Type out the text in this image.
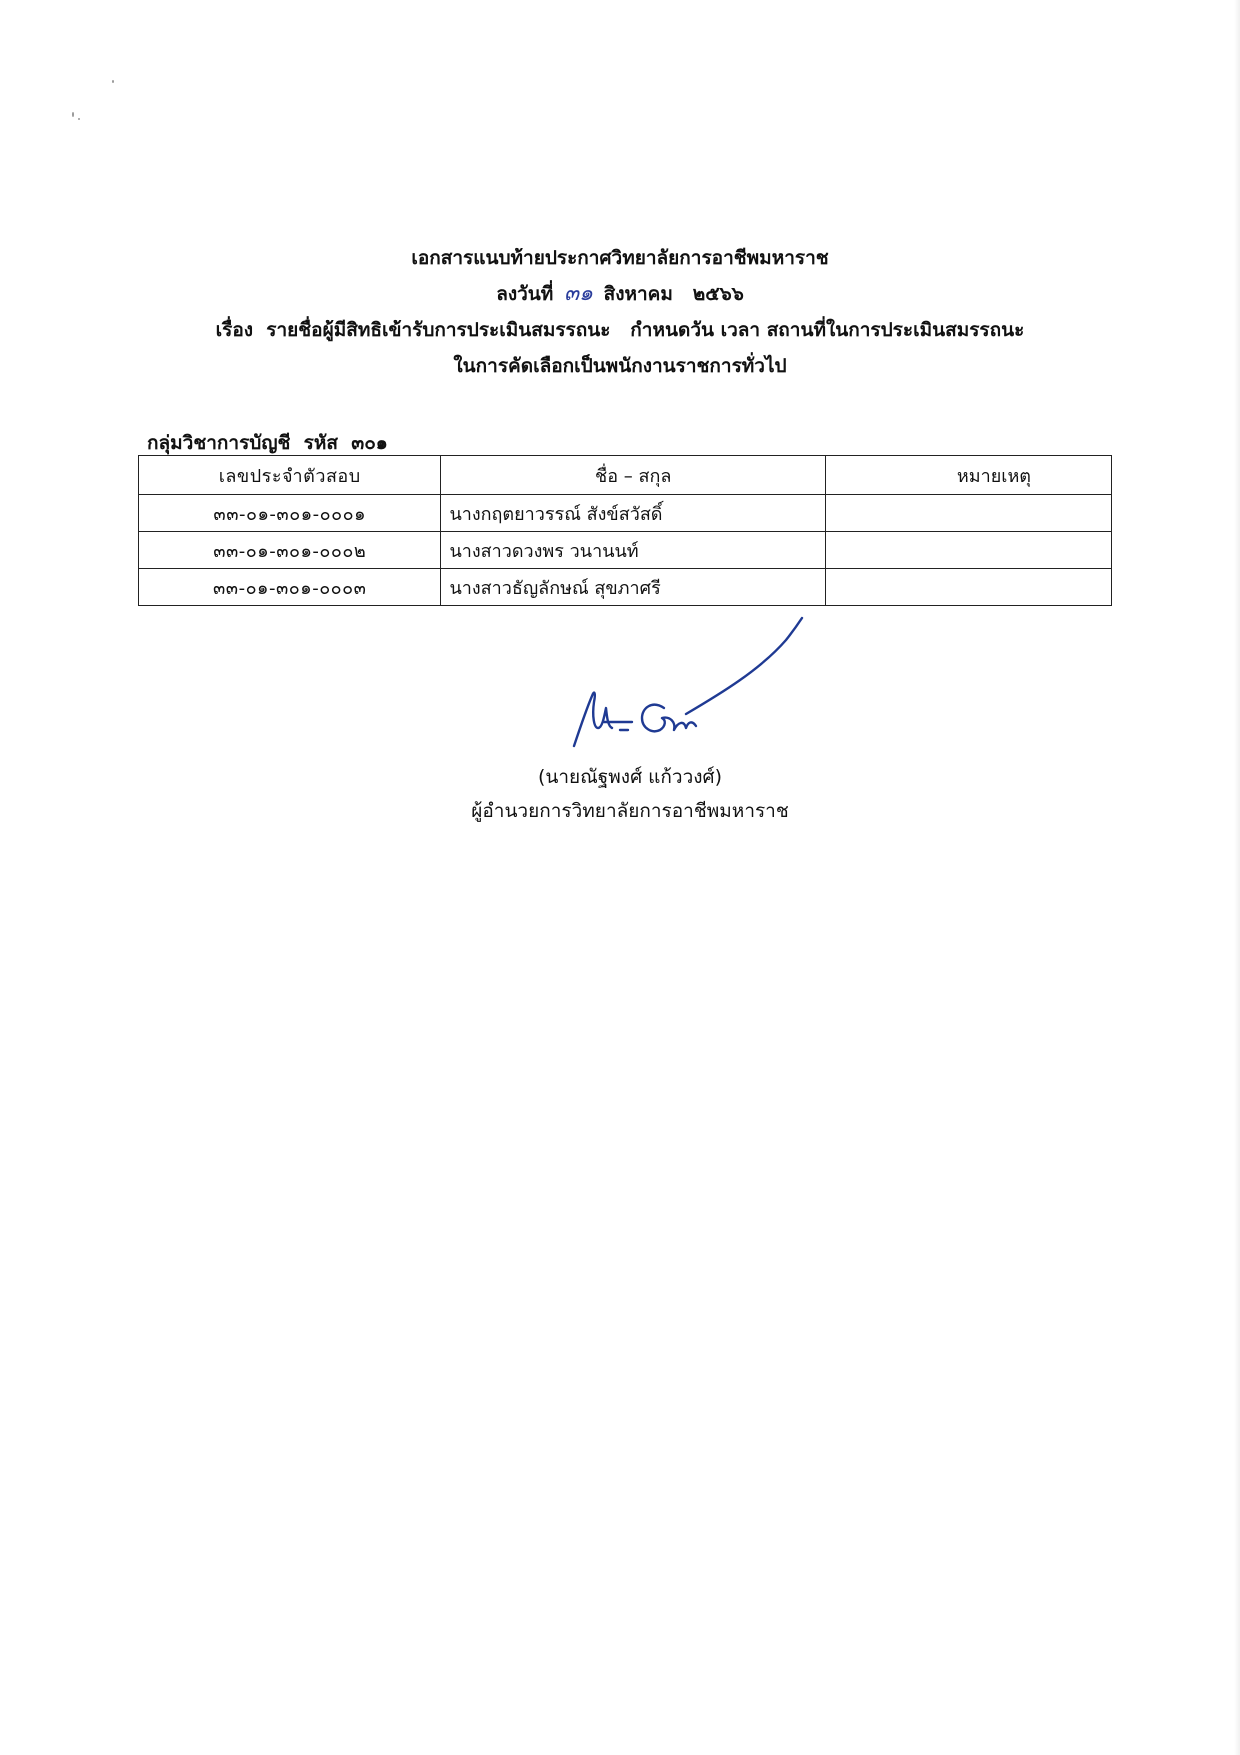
เอกสารแนบท้ายประกาศวิทยาลัยการอาชีพมหาราช
ลงวันที่ ๓๑ สิงหาคม   ๒๕๖๖
เรื่อง  รายชื่อผู้มีสิทธิเข้ารับการประเมินสมรรถนะ   กำหนดวัน เวลา สถานที่ในการประเมินสมรรถนะ
ในการคัดเลือกเป็นพนักงานราชการทั่วไป
กลุ่มวิชาการบัญชี  รหัส  ๓๐๑
เลขประจำตัวสอบ	ชื่อ – สกุล	หมายเหตุ
๓๓-๐๑-๓๐๑-๐๐๐๑	นางกฤตยาวรรณ์ สังข์สวัสดิ์	
๓๓-๐๑-๓๐๑-๐๐๐๒	นางสาวดวงพร วนานนท์	
๓๓-๐๑-๓๐๑-๐๐๐๓	นางสาวธัญลักษณ์ สุขภาศรี	
(นายณัฐพงศ์ แก้ววงศ์)
ผู้อำนวยการวิทยาลัยการอาชีพมหาราช
